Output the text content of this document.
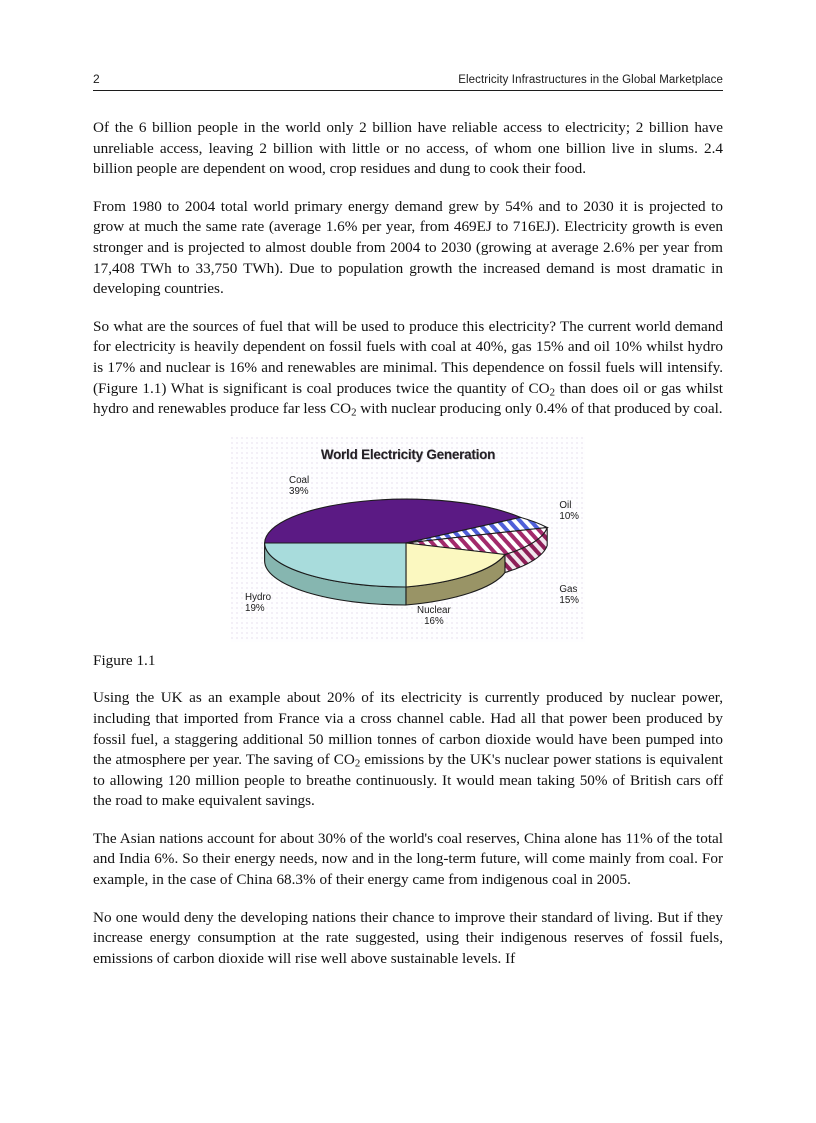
2	Electricity Infrastructures in the Global Marketplace

Of the 6 billion people in the world only 2 billion have reliable access to electricity; 2 billion have unreliable access, leaving 2 billion with little or no access, of whom one billion live in slums. 2.4 billion people are dependent on wood, crop residues and dung to cook their food.

From 1980 to 2004 total world primary energy demand grew by 54% and to 2030 it is projected to grow at much the same rate (average 1.6% per year, from 469EJ to 716EJ). Electricity growth is even stronger and is projected to almost double from 2004 to 2030 (growing at average 2.6% per year from 17,408 TWh to 33,750 TWh). Due to population growth the increased demand is most dramatic in developing countries.

So what are the sources of fuel that will be used to produce this electricity? The current world demand for electricity is heavily dependent on fossil fuels with coal at 40%, gas 15% and oil 10% whilst hydro is 17% and nuclear is 16% and renewables are minimal. This dependence on fossil fuels will intensify. (Figure 1.1) What is significant is coal produces twice the quantity of $CO_2$ than does oil or gas whilst hydro and renewables produce far less $CO_2$ with nuclear producing only 0.4% of that produced by coal.

World Electricity Generation
Coal
39%
Oil
10%
Gas
15%
Nuclear
16%
Hydro
19%

Figure 1.1

Using the UK as an example about 20% of its electricity is currently produced by nuclear power, including that imported from France via a cross channel cable. Had all that power been produced by fossil fuel, a staggering additional 50 million tonnes of carbon dioxide would have been pumped into the atmosphere per year. The saving of $CO_2$ emissions by the UK's nuclear power stations is equivalent to allowing 120 million people to breathe continuously. It would mean taking 50% of British cars off the road to make equivalent savings.

The Asian nations account for about 30% of the world's coal reserves, China alone has 11% of the total and India 6%. So their energy needs, now and in the long-term future, will come mainly from coal. For example, in the case of China 68.3% of their energy came from indigenous coal in 2005.

No one would deny the developing nations their chance to improve their standard of living. But if they increase energy consumption at the rate suggested, using their indigenous reserves of fossil fuels, emissions of carbon dioxide will rise well above sustainable levels. If
